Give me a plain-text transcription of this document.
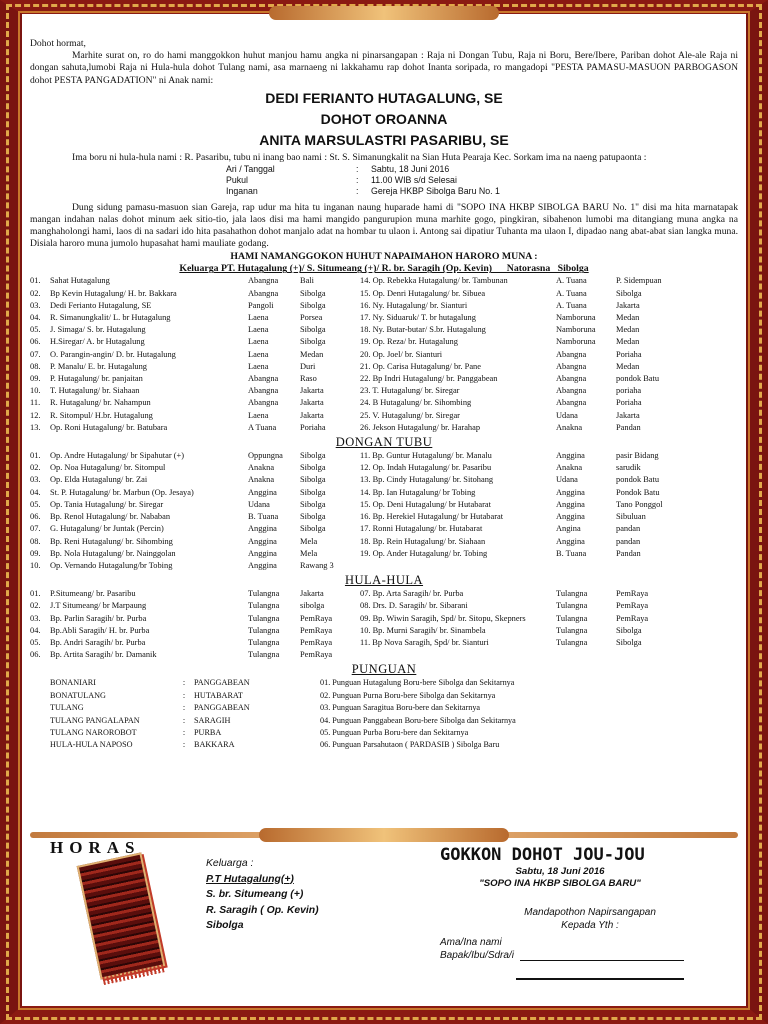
Dohot hormat,

Marhite surat on, ro do hami manggokkon huhut manjou hamu angka ni pinarsangapan : Raja ni Dongan Tubu, Raja ni Boru, Bere/Ibere, Pariban dohot Ale-ale Raja ni dongan sahuta,lumobi Raja ni Hula-hula dohot Tulang nami, asa marnaeng ni lakkahamu rap dohot Inanta soripada, ro mangadopi "PESTA PAMASU-MASUON PARBOGASON dohot PESTA PANGADATION" ni Anak nami:

DEDI FERIANTO HUTAGALUNG, SE
DOHOT OROANNA
ANITA MARSULASTRI PASARIBU, SE

Ima boru ni hula-hula nami : R. Pasaribu, tubu ni inang bao nami : St. S. Simanungkalit na Sian Huta Pearaja Kec. Sorkam ima na naeng patupaonta :

Ari / Tanggal	:	Sabtu, 18 Juni 2016
Pukul	:	11.00 WIB s/d Selesai
Inganan	:	Gereja HKBP Sibolga Baru No. 1

Dung sidung pamasu-masuon sian Gareja, rap udur ma hita tu inganan naung huparade hami di "SOPO INA HKBP SIBOLGA BARU No. 1" disi ma hita marnatapak mangan indahan nalas dohot minum aek sitio-tio, jala laos disi ma hami mangido pangurupion muna marhite gogo, pingkiran, sibahenon lumobi ma ditangiang muna angka na manghaholongi hami, laos di na sadari ido hita pasahathon dohot manjalo adat na hombar tu ulaon i. Antong sai dipatiur Tuhanta ma ulaon I, dipadao nang abat-abat sian langka muna. Disiala haroro muna jumolo hupasahat hami mauliate godang.

HAMI NAMANGGOKON HUHUT NAPAIMAHON HARORO MUNA :
Keluarga PT. Hutagalung (+)/ S. Situmeang (+)/ R. br. Saragih (Op. Kevin)      Natorasna   Sibolga
01.	Sahat Hutagalung	Abangna	Bali	14. Op. Rebekka Hutagalung/ br. Tambunan	A. Tuana	P. Sidempuan
02.	Bp Kevin Hutagalung/ H. br. Bakkara	Abangna	Sibolga	15. Op. Denri Hutagalung/ br. Sibuea	A. Tuana	Sibolga
03.	Dedi Ferianto Hutagalung, SE	Pangoli	Sibolga	16. Ny. Hutagalung/ br. Sianturi	A. Tuana	Jakarta
04.	R. Simanungkalit/ L. br Hutagalung	Laena	Porsea	17. Ny. Siduaruk/ T. br hutagalung	Namboruna	Medan
05.	J. Simaga/ S. br. Hutagalung	Laena	Sibolga	18. Ny. Butar-butar/ S.br. Hutagalung	Namboruna	Medan
06.	H.Siregar/ A. br Hutagalung	Laena	Sibolga	19. Op. Reza/ br. Hutagalung	Namboruna	Medan
07.	O. Parangin-angin/ D. br. Hutagalung	Laena	Medan	20. Op. Joel/ br. Sianturi	Abangna	Poriaha
08.	P. Manalu/ E. br. Hutagalung	Laena	Duri	21. Op. Carisa Hutagalung/ br. Pane	Abangna	Medan
09.	P. Hutagalung/ br. panjaitan	Abangna	Raso	22. Bp Indri Hutagalung/ br. Panggabean	Abangna	pondok Batu
10.	T. Hutagalung/ br. Siahaan	Abangna	Jakarta	23. T. Hutagalung/ br. Siregar	Abangna	poriaha
11.	R. Hutagalung/ br. Nahampun	Abangna	Jakarta	24. B Hutagalung/ br. Sihombing	Abangna	Poriaha
12.	R. Sitompul/ H.br. Hutagalung	Laena	Jakarta	25. V. Hutagalung/ br. Siregar	Udana	Jakarta
13.	Op. Roni Hutagalung/ br. Batubara	A Tuana	Poriaha	26. Jekson Hutagalung/ br. Harahap	Anakna	Pandan
DONGAN TUBU
01.	Op. Andre Hutagalung/ br Sipahutar (+)	Oppungna	Sibolga	11. Bp. Guntur Hutagalung/ br. Manalu	Anggina	pasir Bidang
02.	Op. Noa Hutagalung/ br. Sitompul	Anakna	Sibolga	12. Op. Indah Hutagalung/ br. Pasaribu	Anakna	sarudik
03.	Op. Elda Hutagalung/ br. Zai	Anakna	Sibolga	13. Bp. Cindy Hutagalung/ br. Sitohang	Udana	pondok Batu
04.	St. P. Hutagalung/ br. Marbun (Op. Jesaya)	Anggina	Sibolga	14. Bp. Ian Hutagalung/ br Tobing	Anggina	Pondok Batu
05.	Op. Tania Hutagalung/ br. Siregar	Udana	Sibolga	15. Op. Deni Hutagalung/ br Hutabarat	Anggina	Tano Ponggol
06.	Bp. Renol Hutagalung/ br. Nababan	B. Tuana	Sibolga	16. Bp. Herekiel Hutagalung/ br Hutabarat	Anggina	Sibuluan
07.	G. Hutagalung/ br Juntak (Percin)	Anggina	Sibolga	17. Ronni Hutagalung/ br. Hutabarat	Angina	pandan
08.	Bp. Reni Hutagalung/ br. Sihombing	Anggina	Mela	18. Bp. Rein Hutagalung/ br. Siahaan	Anggina	pandan
09.	Bp. Nola Hutagalung/ br. Nainggolan	Anggina	Mela	19. Op. Ander Hutagalung/ br. Tobing	B. Tuana	Pandan
10.	Op. Vernando Hutagalung/br Tobing	Anggina	Rawang 3
HULA-HULA
01.	P.Situmeang/ br. Pasaribu	Tulangna	Jakarta	07. Bp. Arta Saragih/ br. Purba	Tulangna	PemRaya
02.	J.T Situmeang/ br Marpaung	Tulangna	sibolga	08. Drs. D. Saragih/ br. Sibarani	Tulangna	PemRaya
03.	Bp. Parlin Saragih/ br. Purba	Tulangna	PemRaya	09. Bp. Wiwin Saragih, Spd/ br. Sitopu, Skepners	Tulangna	PemRaya
04.	Bp.Abli Saragih/ H. br. Purba	Tulangna	PemRaya	10. Bp. Murni Saragih/ br. Sinambela	Tulangna	Sibolga
05.	Bp. Andri Saragih/ br. Purba	Tulangna	PemRaya	11. Bp Nova Saragih, Spd/ br. Sianturi	Tulangna	Sibolga
06.	Bp. Artita Saragih/ br. Damanik	Tulangna	PemRaya
PUNGUAN
BONANIARI	:	PANGGABEAN	01. Punguan Hutagalung Boru-bere Sibolga dan Sekitarnya
BONATULANG	:	HUTABARAT	02. Punguan Purna Boru-bere Sibolga dan Sekitarnya
TULANG	:	PANGGABEAN	03. Punguan Saragitua Boru-bere dan Sekitarnya
TULANG PANGALAPAN	:	SARAGIH	04. Punguan Panggabean Boru-bere Sibolga dan Sekitarnya
TULANG NAROROBOT	:	PURBA	05. Punguan Purba Boru-bere dan Sekitarnya
HULA-HULA NAPOSO	:	BAKKARA	06. Punguan Parsahutaon ( PARDASIB ) Sibolga Baru
HORAS
Keluarga :
P.T Hutagalung(+)
S. br. Situmeang (+)
R. Saragih ( Op. Kevin)
Sibolga
GOKKON DOHOT JOU-JOU
Sabtu, 18 Juni 2016
"SOPO INA HKBP SIBOLGA BARU"
Mandapothon Napirsangapan
Kepada Yth :
Ama/Ina nami
Bapak/Ibu/Sdra/i
